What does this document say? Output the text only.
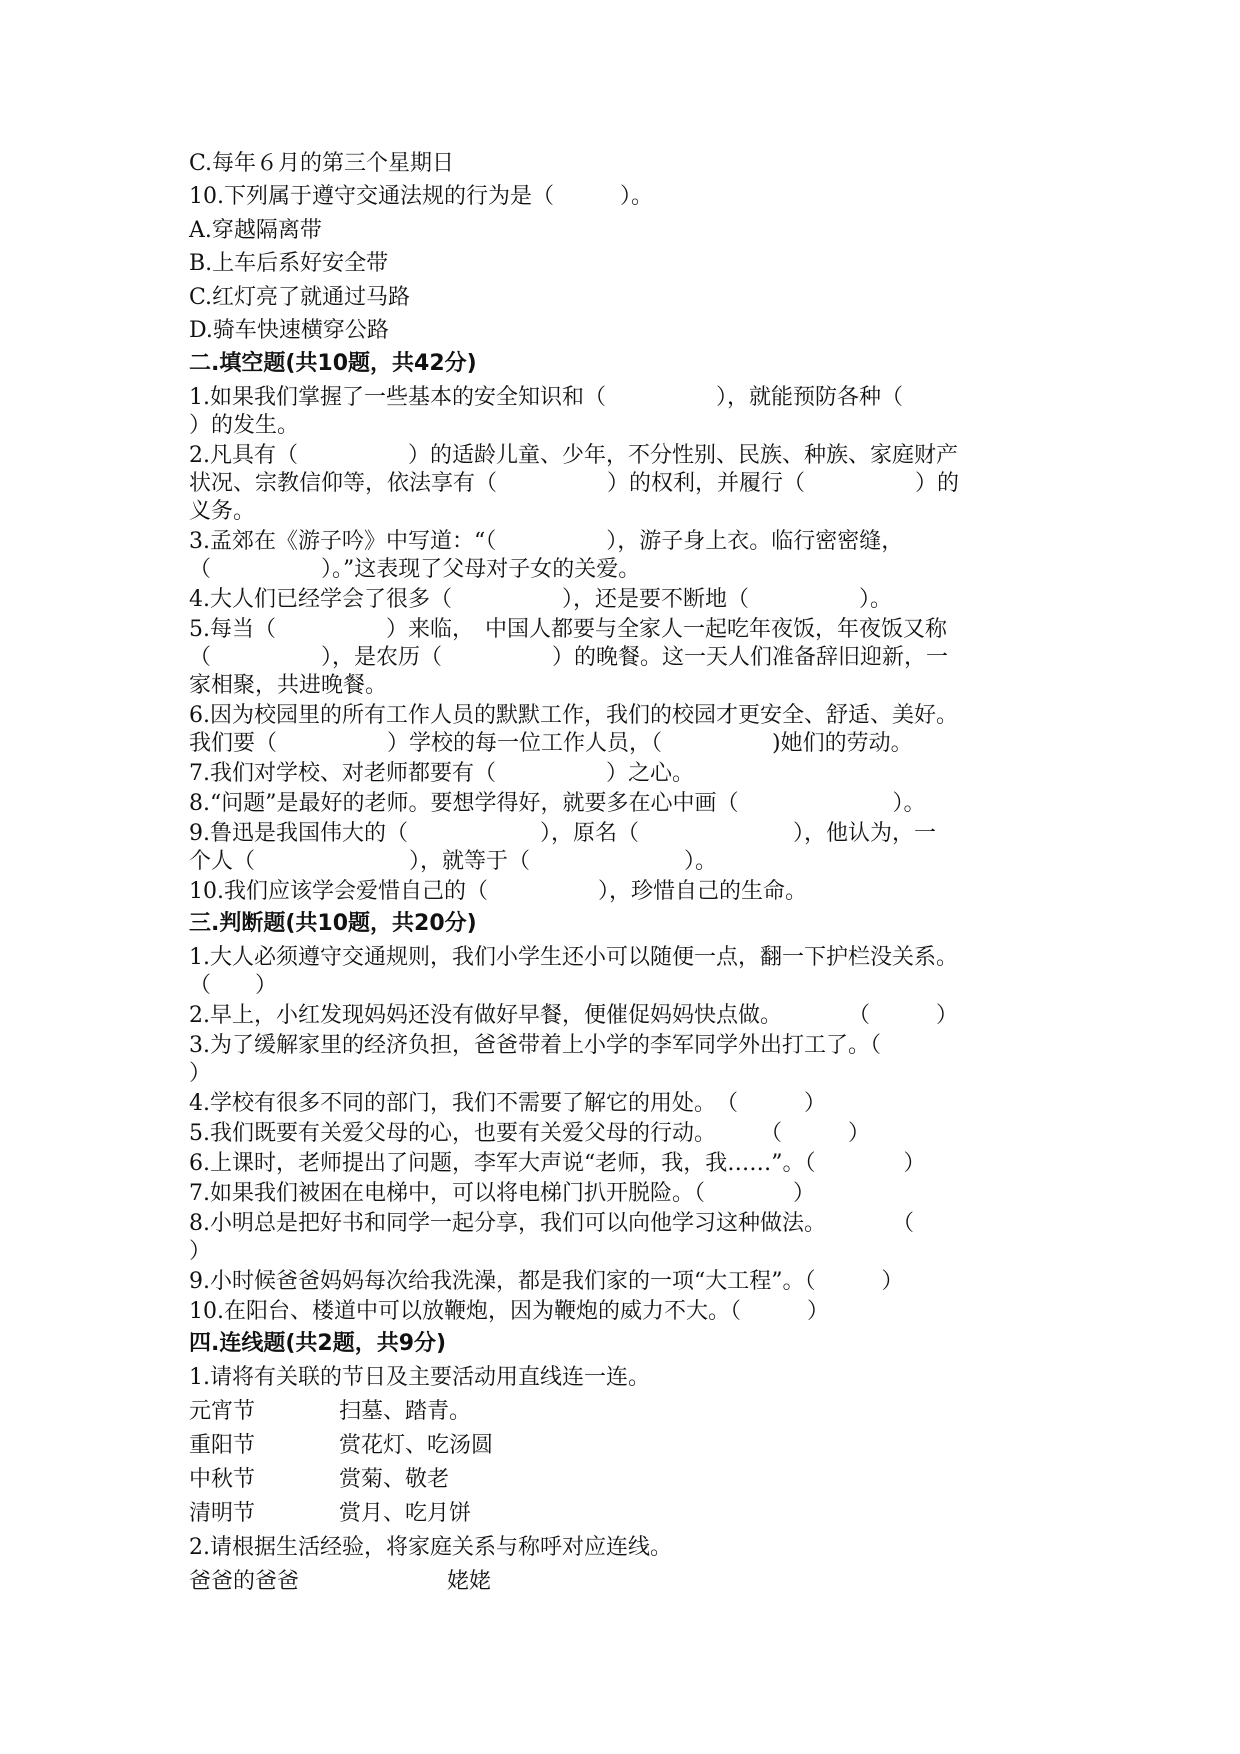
C.每年６月的第三个星期日
10.下列属于遵守交通法规的行为是（　　　）。
A.穿越隔离带
B.上车后系好安全带
C.红灯亮了就通过马路
D.骑车快速横穿公路
二.填空题(共10题，共42分)
1.如果我们掌握了一些基本的安全知识和（　　　　　），就能预防各种（
）的发生。
2.凡具有（　　　　　）的适龄儿童、少年，不分性别、民族、种族、家庭财产
状况、宗教信仰等，依法享有（　　　　　）的权利，并履行（　　　　　）的
义务。
3.孟郊在《游子吟》中写道：“（　　　　　），游子身上衣。临行密密缝，
（　　　　　）。”这表现了父母对子女的关爱。
4.大人们已经学会了很多（　　　　　），还是要不断地（　　　　　）。
5.每当（　　　　　）来临，　中国人都要与全家人一起吃年夜饭，年夜饭又称
（　　　　　），是农历（　　　　　）的晚餐。这一天人们准备辞旧迎新，一
家相聚，共进晚餐。
6.因为校园里的所有工作人员的默默工作，我们的校园才更安全、舒适、美好。
我们要（　　　　　）学校的每一位工作人员，（　　　　　)她们的劳动。
7.我们对学校、对老师都要有（　　　　　）之心。
8.“问题”是最好的老师。要想学得好，就要多在心中画（　　　　　　　）。
9.鲁迅是我国伟大的（　　　　　　），原名（　　　　　　　），他认为，一
个人（　　　　　　　），就等于（　　　　　　　）。
10.我们应该学会爱惜自己的（　　　　　），珍惜自己的生命。
三.判断题(共10题，共20分)
1.大人必须遵守交通规则，我们小学生还小可以随便一点，翻一下护栏没关系。
（　　）
2.早上，小红发现妈妈还没有做好早餐，便催促妈妈快点做。　　　　（　　　）
3.为了缓解家里的经济负担，爸爸带着上小学的李军同学外出打工了。（
）
4.学校有很多不同的部门，我们不需要了解它的用处。　（　　　）
5.我们既要有关爱父母的心，也要有关爱父母的行动。　　　（　　　）
6.上课时，老师提出了问题，李军大声说“老师，我，我……”。（　　　　）
7.如果我们被困在电梯中，可以将电梯门扒开脱险。（　　　　）
8.小明总是把好书和同学一起分享，我们可以向他学习这种做法。　　　　（
）
9.小时候爸爸妈妈每次给我洗澡，都是我们家的一项“大工程”。（　　　）
10.在阳台、楼道中可以放鞭炮，因为鞭炮的威力不大。（　　　）
四.连线题(共2题，共9分)
1.请将有关联的节日及主要活动用直线连一连。
元宵节	扫墓、踏青。
重阳节	赏花灯、吃汤圆
中秋节	赏菊、敬老
清明节	赏月、吃月饼
2.请根据生活经验，将家庭关系与称呼对应连线。
爸爸的爸爸	姥姥
